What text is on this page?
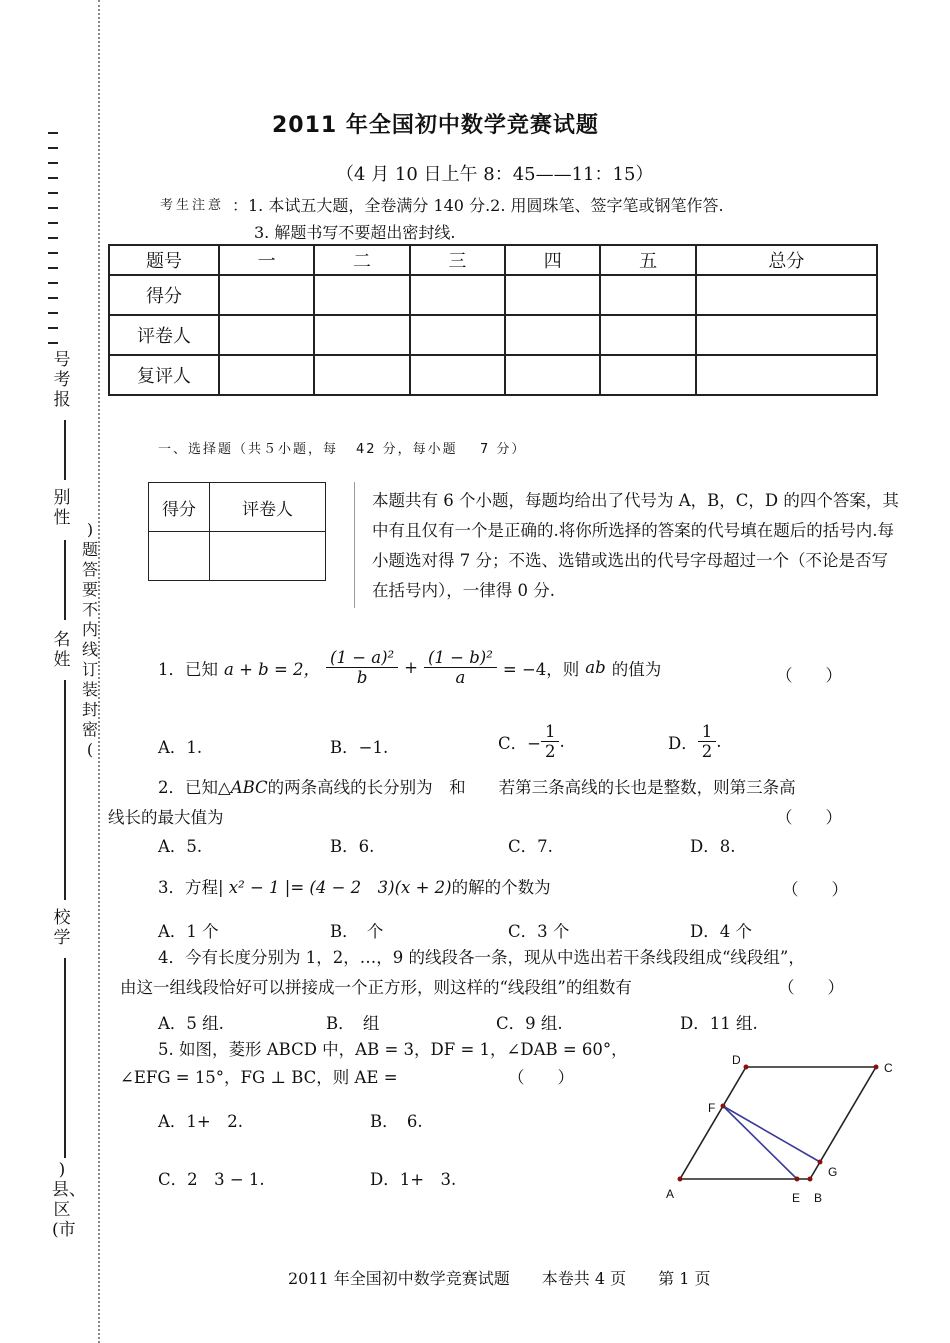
号考报
别性
名姓
校学
)县、区(市
)题答要不内线订装封密(
2011 年全国初中数学竞赛试题
（4 月 10 日上午 8：45——11：15）
考生注意 ：1. 本试五大题，全卷满分 140 分.2. 用圆珠笔、签字笔或钢笔作答.
3. 解题书写不要超出密封线.
题号	一	二	三	四	五	总分
得分						
评卷人						
复评人						
一、选择题（共５小题，每 42 分，每小题 7 分）
得分	评卷人
		本题共有 6 个小题，每题均给出了代号为 A，B，C，D 的四个答案，其中有且仅有一个是正确的.将你所选择的答案的代号填在题后的括号内.每小题选对得 7 分；不选、选错或选出的代号字母超过一个（不论是否写在括号内），一律得 0 分.
1．已知 a + b = 2， $\frac{\text{(1 − a)²}}{b} + \frac{\text{(1 − b)²}}{a} = -4$，则 ab 的值为	（　　）
A．1.	B．−1.	C．− $\frac{1}{2}$ .	D． $\frac{1}{2}$ .
2．已知△ABC的两条高线的长分别为　和　　若第三条高线的长也是整数，则第三条高
线长的最大值为	（　　）
A．5.	B．6.	C．7.	D．8.
3．方程| x² − 1 |= (4 − 2　3)(x + 2)的解的个数为	（　　）
A．1 个	B．　个	C．3 个	D．4 个
4．今有长度分别为 1，2，…，9 的线段各一条，现从中选出若干条线段组成“线段组”，
由这一组线段恰好可以拼接成一个正方形，则这样的“线段组”的组数有	（　　）
A．5 组.	B．　组	C．9 组.	D．11 组.
5. 如图，菱形 ABCD 中，AB = 3，DF = 1，∠DAB = 60°，
∠EFG = 15°，FG ⊥ BC，则 AE =	（　　）
A．1+　2.	B．　6.
C．2　3 − 1.	D．1+　3.
D
C
F
G
A	E B
2011 年全国初中数学竞赛试题　　本卷共 4 页　　第 1 页
